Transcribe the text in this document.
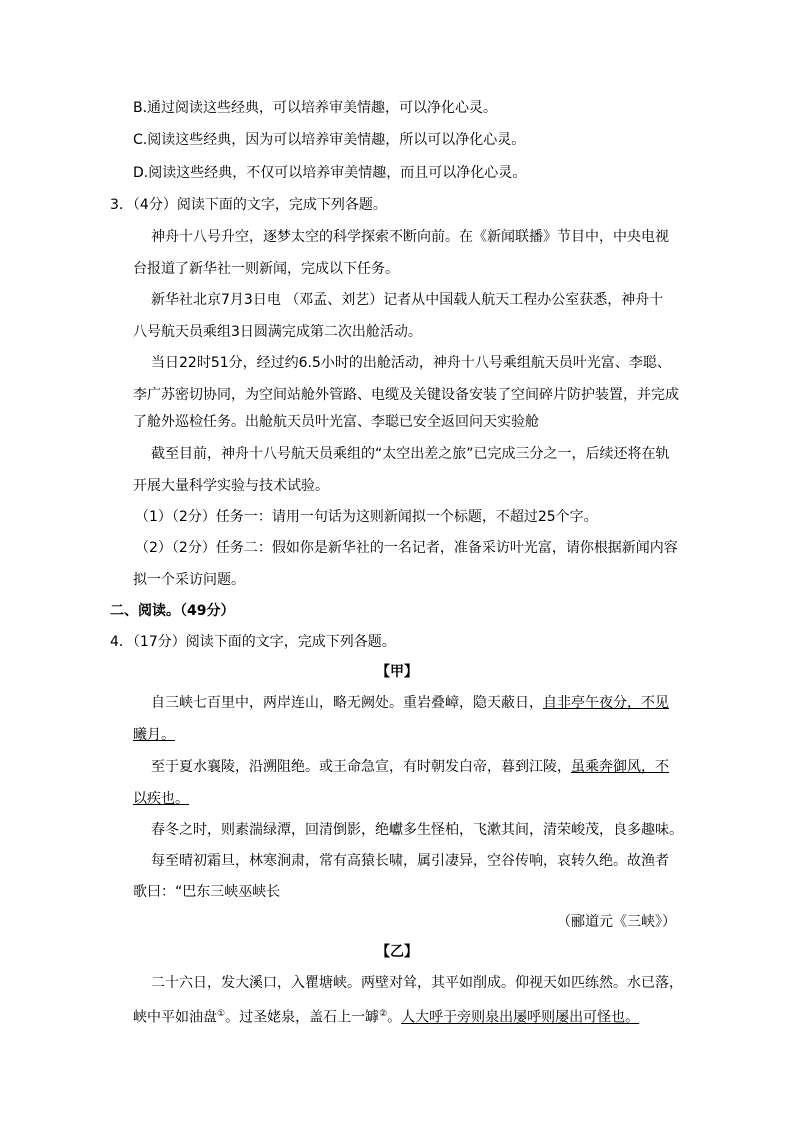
B.通过阅读这些经典，可以培养审美情趣，可以净化心灵。
C.阅读这些经典，因为可以培养审美情趣，所以可以净化心灵。
D.阅读这些经典，不仅可以培养审美情趣，而且可以净化心灵。
3．（4分）阅读下面的文字，完成下列各题。
神舟十八号升空，逐梦太空的科学探索不断向前。在《新闻联播》节目中，中央电视
台报道了新华社一则新闻，完成以下任务。
新华社北京7月3日电 （邓孟、刘艺）记者从中国载人航天工程办公室获悉，神舟十
八号航天员乘组3日圆满完成第二次出舱活动。
当日22时51分，经过约6.5小时的出舱活动，神舟十八号乘组航天员叶光富、李聪、
李广苏密切协同，为空间站舱外管路、电缆及关键设备安装了空间碎片防护装置，并完成
了舱外巡检任务。出舱航天员叶光富、李聪已安全返回问天实验舱
截至目前，神舟十八号航天员乘组的“太空出差之旅”已完成三分之一，后续还将在轨
开展大量科学实验与技术试验。
（1）（2分）任务一：请用一句话为这则新闻拟一个标题，不超过25个字。
（2）（2分）任务二：假如你是新华社的一名记者，准备采访叶光富，请你根据新闻内容
拟一个采访问题。
二、阅读。（49分）
4．（17分）阅读下面的文字，完成下列各题。
【甲】
自三峡七百里中，两岸连山，略无阙处。重岩叠嶂，隐天蔽日，自非亭午夜分，不见
曦月。
至于夏水襄陵，沿溯阻绝。或王命急宣，有时朝发白帝，暮到江陵，虽乘奔御风，不
以疾也。
春冬之时，则素湍绿潭，回清倒影，绝巘多生怪柏，飞漱其间，清荣峻茂，良多趣味。
每至晴初霜旦，林寒涧肃，常有高猿长啸，属引凄异，空谷传响，哀转久绝。故渔者
歌曰：“巴东三峡巫峡长
（郦道元《三峡》）
【乙】
二十六日，发大溪口，入瞿塘峡。两壁对耸，其平如削成。仰视天如匹练然。水已落，
峡中平如油盘①。过圣姥泉，盖石上一罅②。人大呼于旁则泉出屡呼则屡出可怪也。
